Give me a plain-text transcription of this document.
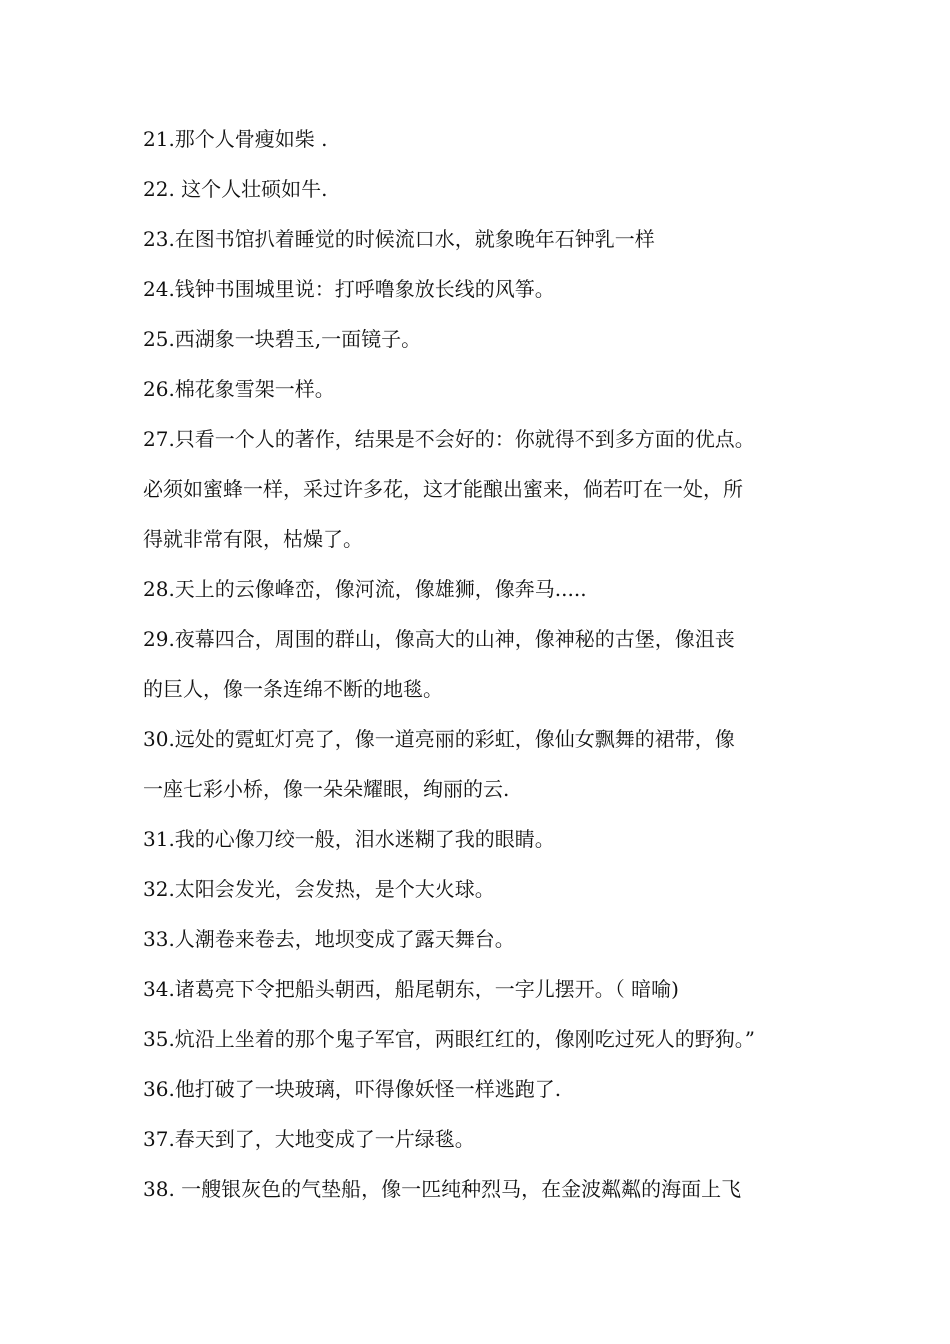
21.那个人骨瘦如柴 .
22. 这个人壮硕如牛.
23.在图书馆扒着睡觉的时候流口水，就象晚年石钟乳一样
24.钱钟书围城里说：打呼噜象放长线的风筝。
25.西湖象一块碧玉,一面镜子。
26.棉花象雪架一样。
27.只看一个人的著作，结果是不会好的：你就得不到多方面的优点。
必须如蜜蜂一样，采过许多花，这才能酿出蜜来，倘若叮在一处，所
得就非常有限，枯燥了。
28.天上的云像峰峦，像河流，像雄狮，像奔马.....
29.夜幕四合，周围的群山，像高大的山神，像神秘的古堡，像沮丧
的巨人，像一条连绵不断的地毯。
30.远处的霓虹灯亮了，像一道亮丽的彩虹，像仙女飘舞的裙带，像
一座七彩小桥，像一朵朵耀眼，绚丽的云.
31.我的心像刀绞一般，泪水迷糊了我的眼睛。
32.太阳会发光，会发热，是个大火球。
33.人潮卷来卷去，地坝变成了露天舞台。
34.诸葛亮下令把船头朝西，船尾朝东，一字儿摆开。（ 暗喻)
35.炕沿上坐着的那个鬼子军官，两眼红红的，像刚吃过死人的野狗。”
36.他打破了一块玻璃，吓得像妖怪一样逃跑了.
37.春天到了，大地变成了一片绿毯。
38. 一艘银灰色的气垫船，像一匹纯种烈马，在金波粼粼的海面上飞
